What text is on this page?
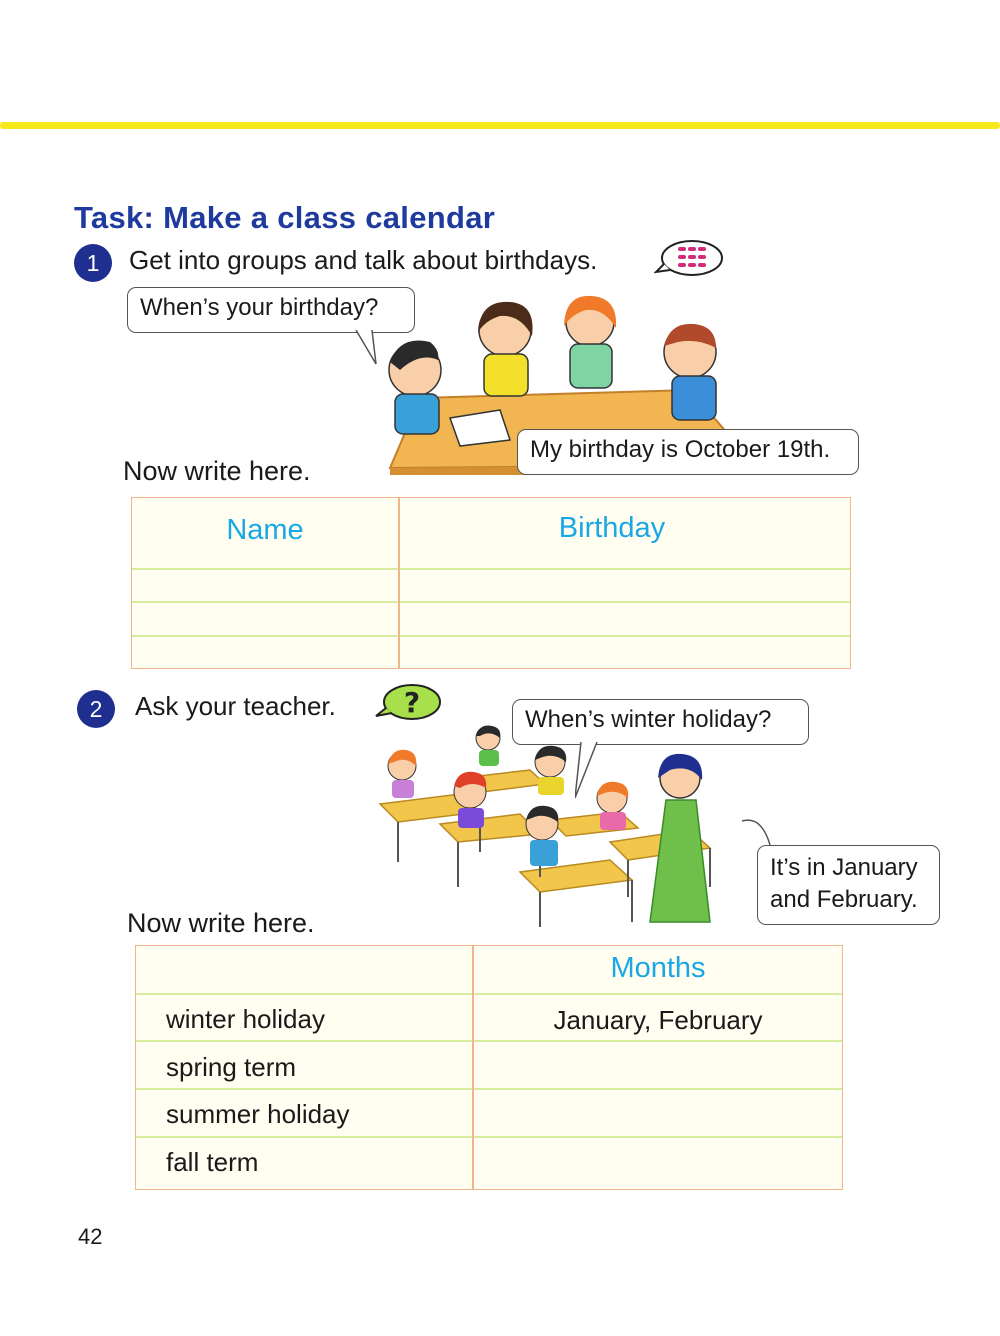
Task: Make a class calendar
1	Get into groups and talk about birthdays.
When’s your birthday?
My birthday is October 19th.
Now write here.
Name	Birthday
2	Ask your teacher. ?
When’s winter holiday?
It’s in January
and February.
Now write here.
Months
winter holiday	January, February
spring term
summer holiday
fall term
42
